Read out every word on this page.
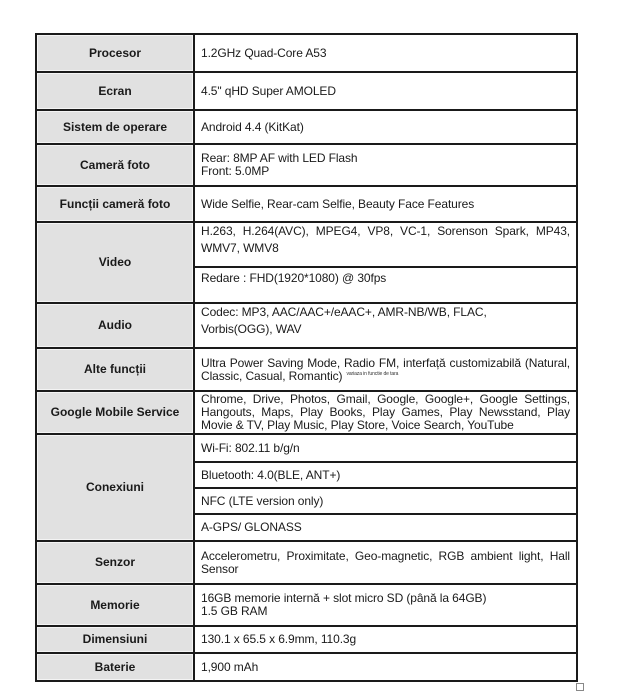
Procesor	1.2GHz Quad-Core A53
Ecran	4.5" qHD Super AMOLED
Sistem de operare	Android 4.4 (KitKat)
Cameră foto	Rear: 8MP AF with LED Flash
Front: 5.0MP

Funcții cameră foto	Wide Selfie, Rear-cam Selfie, Beauty Face Features
Video	H.263, H.264(AVC), MPEG4, VP8, VC-1, Sorenson Spark, MP43, WMV7, WMV8
	Redare : FHD(1920*1080) @ 30fps
Audio	Codec: MP3, AAC/AAC+/eAAC+, AMR-NB/WB, FLAC, Vorbis(OGG), WAV
Alte funcții	Ultra Power Saving Mode, Radio FM, interfață customizabilă (Natural, Classic, Casual, Romantic) $^{variaza in functie de tara}$
Google Mobile Service	Chrome, Drive, Photos, Gmail, Google, Google+, Google Settings, Hangouts, Maps, Play Books, Play Games, Play Newsstand, Play Movie & TV, Play Music, Play Store, Voice Search, YouTube
Conexiuni	Wi-Fi: 802.11 b/g/n
	Bluetooth: 4.0(BLE, ANT+)
	NFC (LTE version only)
	A-GPS/ GLONASS
Senzor	Accelerometru, Proximitate, Geo-magnetic, RGB ambient light, Hall Sensor
Memorie	16GB memorie internă + slot micro SD (până la 64GB)
1.5 GB RAM

Dimensiuni	130.1 x 65.5 x 6.9mm, 110.3g
Baterie	1,900 mAh
